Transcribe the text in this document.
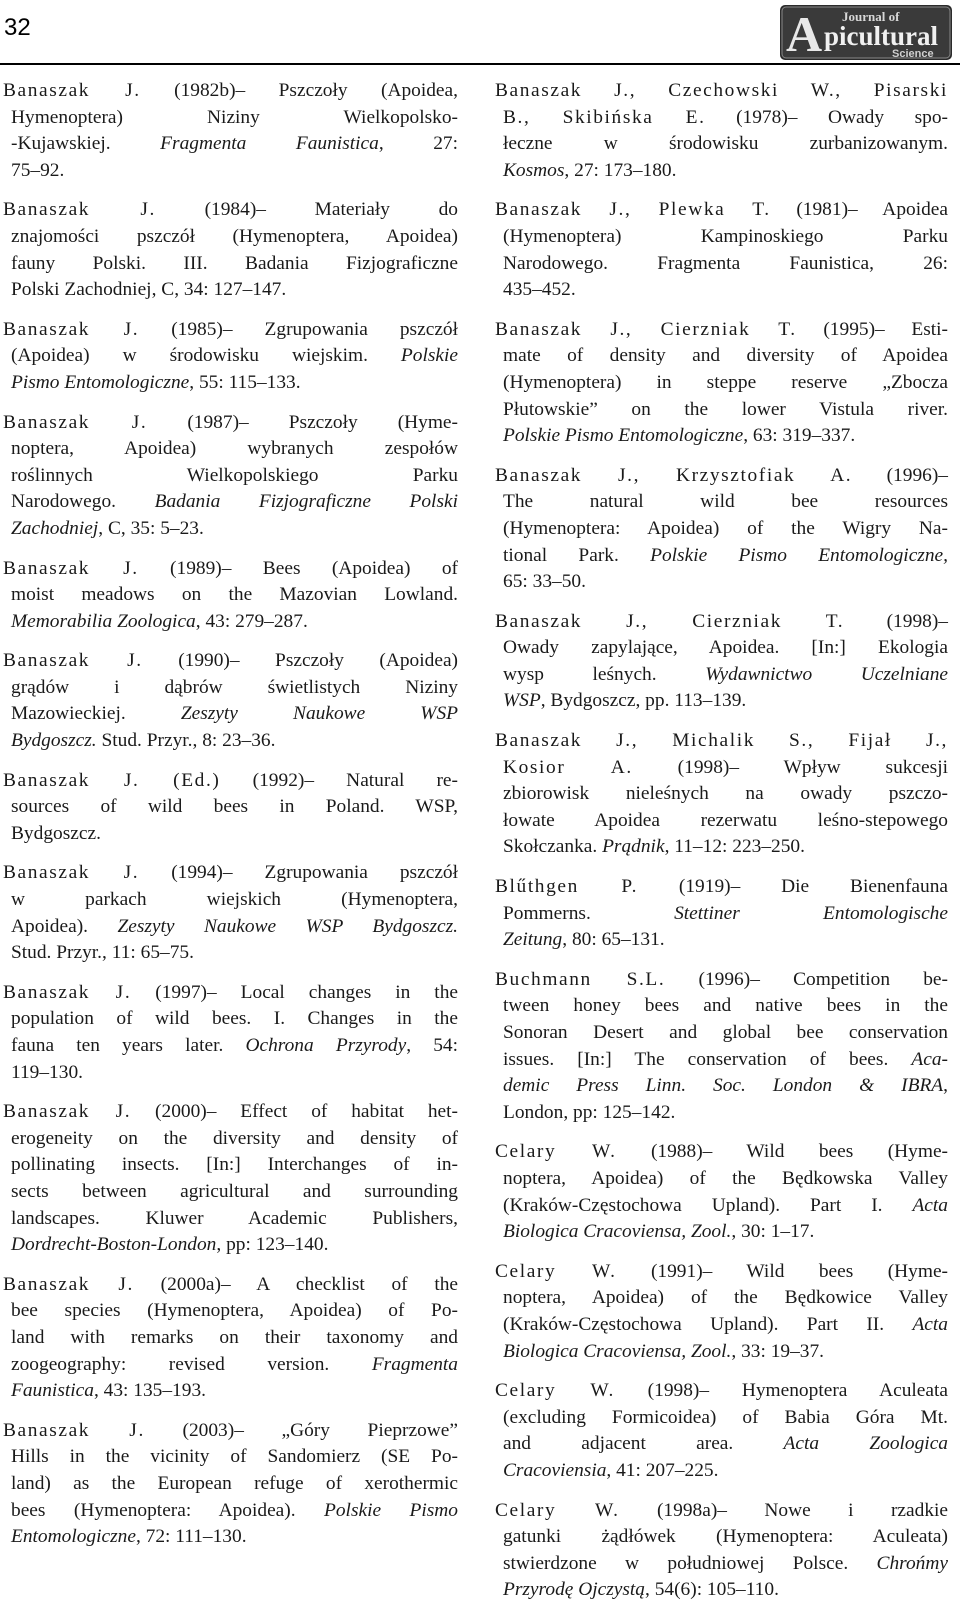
32	A Journal of
picultural
Science
Banaszak J. (1982b)– Pszczoły (Apoidea,
Hymenoptera) Niziny Wielkopolsko-
-Kujawskiej. Fragmenta Faunistica, 27:
75–92.
Banaszak J. (1984)– Materiały do
znajomości pszczół (Hymenoptera, Apoidea)
fauny Polski. III. Badania Fizjograficzne
Polski Zachodniej, C, 34: 127–147.
Banaszak J. (1985)– Zgrupowania pszczół
(Apoidea) w środowisku wiejskim. Polskie
Pismo Entomologiczne, 55: 115–133.
Banaszak J. (1987)– Pszczoły (Hyme-
noptera, Apoidea) wybranych zespołów
roślinnych Wielkopolskiego Parku
Narodowego. Badania Fizjograficzne Polski
Zachodniej, C, 35: 5–23.
Banaszak J. (1989)– Bees (Apoidea) of
moist meadows on the Mazovian Lowland.
Memorabilia Zoologica, 43: 279–287.
Banaszak J. (1990)– Pszczoły (Apoidea)
grądów i dąbrów świetlistych Niziny
Mazowieckiej. Zeszyty Naukowe WSP
Bydgoszcz. Stud. Przyr., 8: 23–36.
Banaszak J. (Ed.) (1992)– Natural re-
sources of wild bees in Poland. WSP,
Bydgoszcz.
Banaszak J. (1994)– Zgrupowania pszczół
w parkach wiejskich (Hymenoptera,
Apoidea). Zeszyty Naukowe WSP Bydgoszcz.
Stud. Przyr., 11: 65–75.
Banaszak J. (1997)– Local changes in the
population of wild bees. I. Changes in the
fauna ten years later. Ochrona Przyrody, 54:
119–130.
Banaszak J. (2000)– Effect of habitat het-
erogeneity on the diversity and density of
pollinating insects. [In:] Interchanges of in-
sects between agricultural and surrounding
landscapes. Kluwer Academic Publishers,
Dordrecht-Boston-London, pp: 123–140.
Banaszak J. (2000a)– A checklist of the
bee species (Hymenoptera, Apoidea) of Po-
land with remarks on their taxonomy and
zoogeography: revised version. Fragmenta
Faunistica, 43: 135–193.
Banaszak J. (2003)– „Góry Pieprzowe”
Hills in the vicinity of Sandomierz (SE Po-
land) as the European refuge of xerothermic
bees (Hymenoptera: Apoidea). Polskie Pismo
Entomologiczne, 72: 111–130.
Banaszak J., Czechowski W., Pisarski
B., Skibińska E. (1978)– Owady spo-
łeczne w środowisku zurbanizowanym.
Kosmos, 27: 173–180.
Banaszak J., Plewka T. (1981)– Apoidea
(Hymenoptera) Kampinoskiego Parku
Narodowego. Fragmenta Faunistica, 26:
435–452.
Banaszak J., Cierzniak T. (1995)– Esti-
mate of density and diversity of Apoidea
(Hymenoptera) in steppe reserve „Zbocza
Płutowskie” on the lower Vistula river.
Polskie Pismo Entomologiczne, 63: 319–337.
Banaszak J., Krzysztofiak A. (1996)–
The natural wild bee resources
(Hymenoptera: Apoidea) of the Wigry Na-
tional Park. Polskie Pismo Entomologiczne,
65: 33–50.
Banaszak J., Cierzniak T. (1998)–
Owady zapylające, Apoidea. [In:] Ekologia
wysp leśnych. Wydawnictwo Uczelniane
WSP, Bydgoszcz, pp. 113–139.
Banaszak J., Michalik S., Fijał J.,
Kosior A. (1998)– Wpływ sukcesji
zbiorowisk nieleśnych na owady pszczo-
łowate Apoidea rezerwatu leśno-stepowego
Skołczanka. Prądnik, 11–12: 223–250.
Blűthgen P. (1919)– Die Bienenfauna
Pommerns. Stettiner Entomologische
Zeitung, 80: 65–131.
Buchmann S.L. (1996)– Competition be-
tween honey bees and native bees in the
Sonoran Desert and global bee conservation
issues. [In:] The conservation of bees. Aca-
demic Press Linn. Soc. London & IBRA,
London, pp: 125–142.
Celary W. (1988)– Wild bees (Hyme-
noptera, Apoidea) of the Będkowska Valley
(Kraków-Częstochowa Upland). Part I. Acta
Biologica Cracoviensa, Zool., 30: 1–17.
Celary W. (1991)– Wild bees (Hyme-
noptera, Apoidea) of the Będkowice Valley
(Kraków-Częstochowa Upland). Part II. Acta
Biologica Cracoviensa, Zool., 33: 19–37.
Celary W. (1998)– Hymenoptera Aculeata
(excluding Formicoidea) of Babia Góra Mt.
and adjacent area. Acta Zoologica
Cracoviensia, 41: 207–225.
Celary W. (1998a)– Nowe i rzadkie
gatunki żądłówek (Hymenoptera: Aculeata)
stwierdzone w południowej Polsce. Chrońmy
Przyrodę Ojczystą, 54(6): 105–110.
